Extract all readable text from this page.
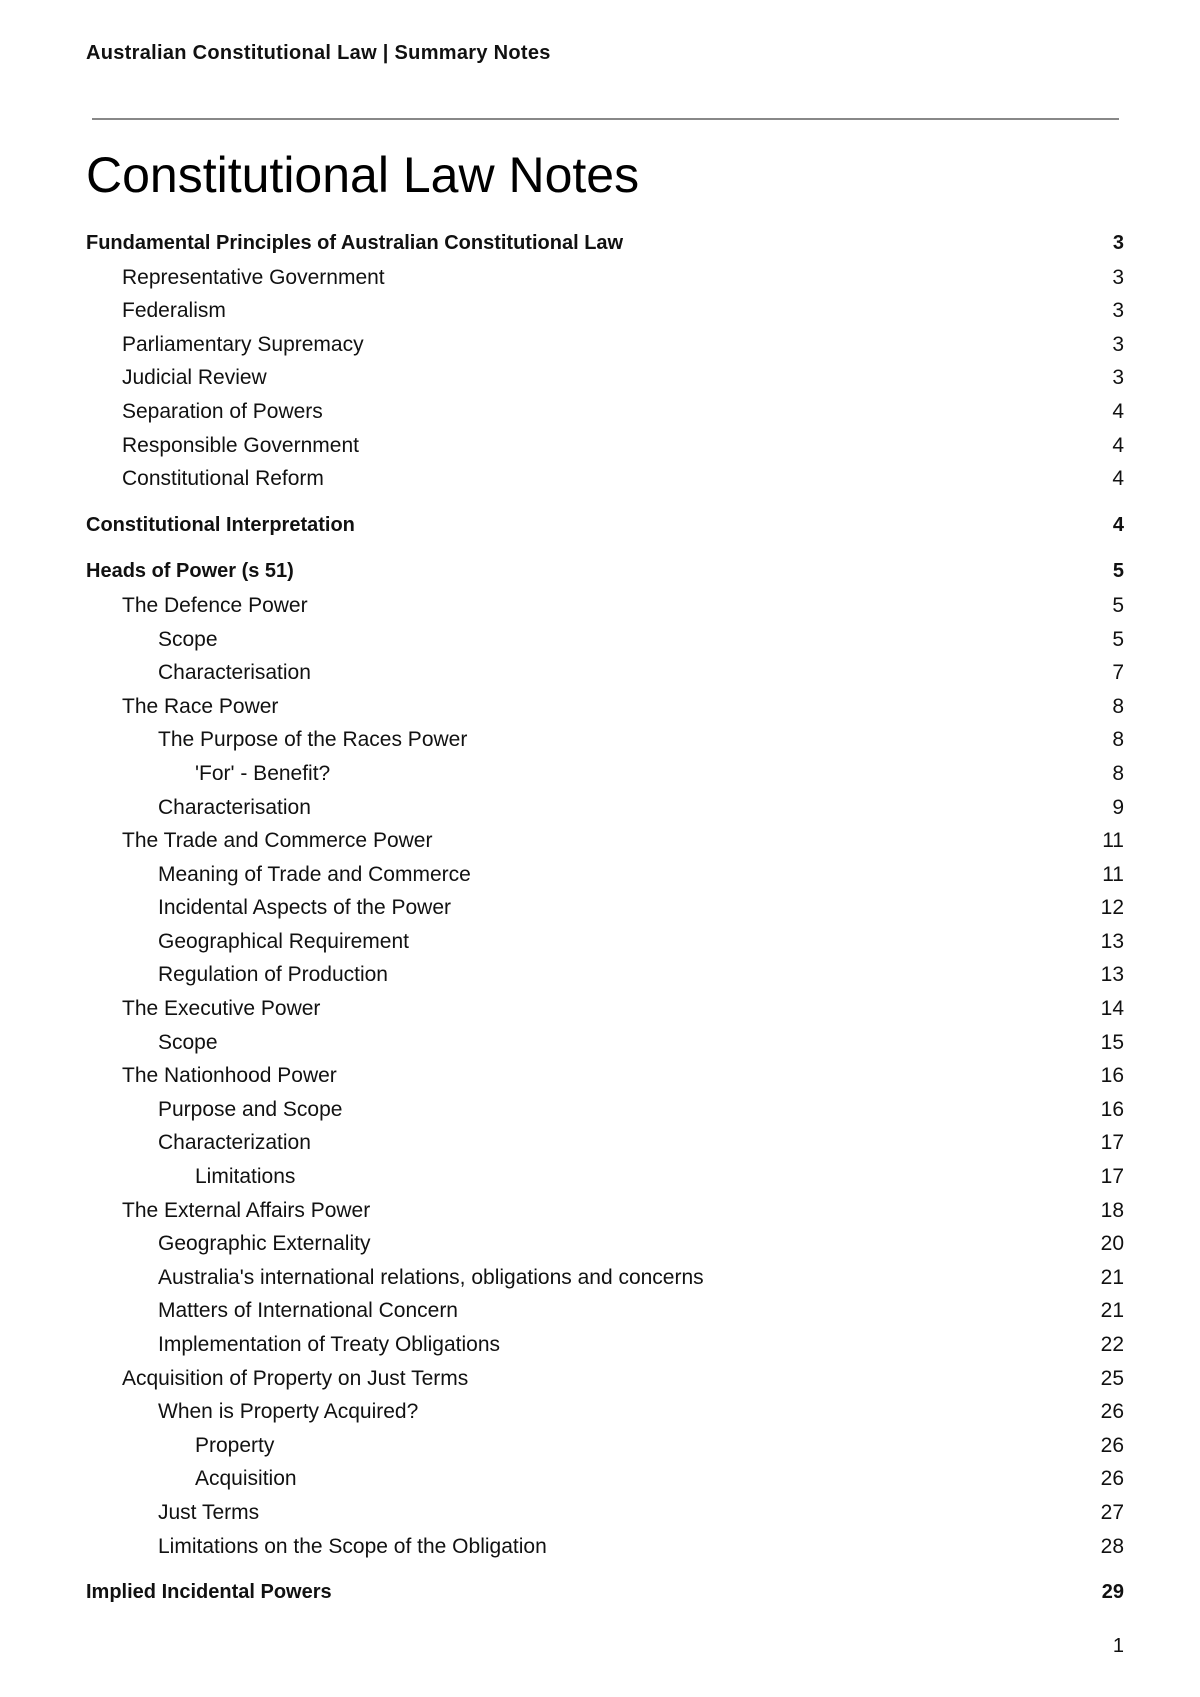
Australian Constitutional Law | Summary Notes
Constitutional Law Notes
Fundamental Principles of Australian Constitutional Law	3
Representative Government	3
Federalism	3
Parliamentary Supremacy	3
Judicial Review	3
Separation of Powers	4
Responsible Government	4
Constitutional Reform	4
Constitutional Interpretation	4
Heads of Power (s 51)	5
The Defence Power	5
Scope	5
Characterisation	7
The Race Power	8
The Purpose of the Races Power	8
'For' - Benefit?	8
Characterisation	9
The Trade and Commerce Power	11
Meaning of Trade and Commerce	11
Incidental Aspects of the Power	12
Geographical Requirement	13
Regulation of Production	13
The Executive Power	14
Scope	15
The Nationhood Power	16
Purpose and Scope	16
Characterization	17
Limitations	17
The External Affairs Power	18
Geographic Externality	20
Australia's international relations, obligations and concerns	21
Matters of International Concern	21
Implementation of Treaty Obligations	22
Acquisition of Property on Just Terms	25
When is Property Acquired?	26
Property	26
Acquisition	26
Just Terms	27
Limitations on the Scope of the Obligation	28
Implied Incidental Powers	29
1
